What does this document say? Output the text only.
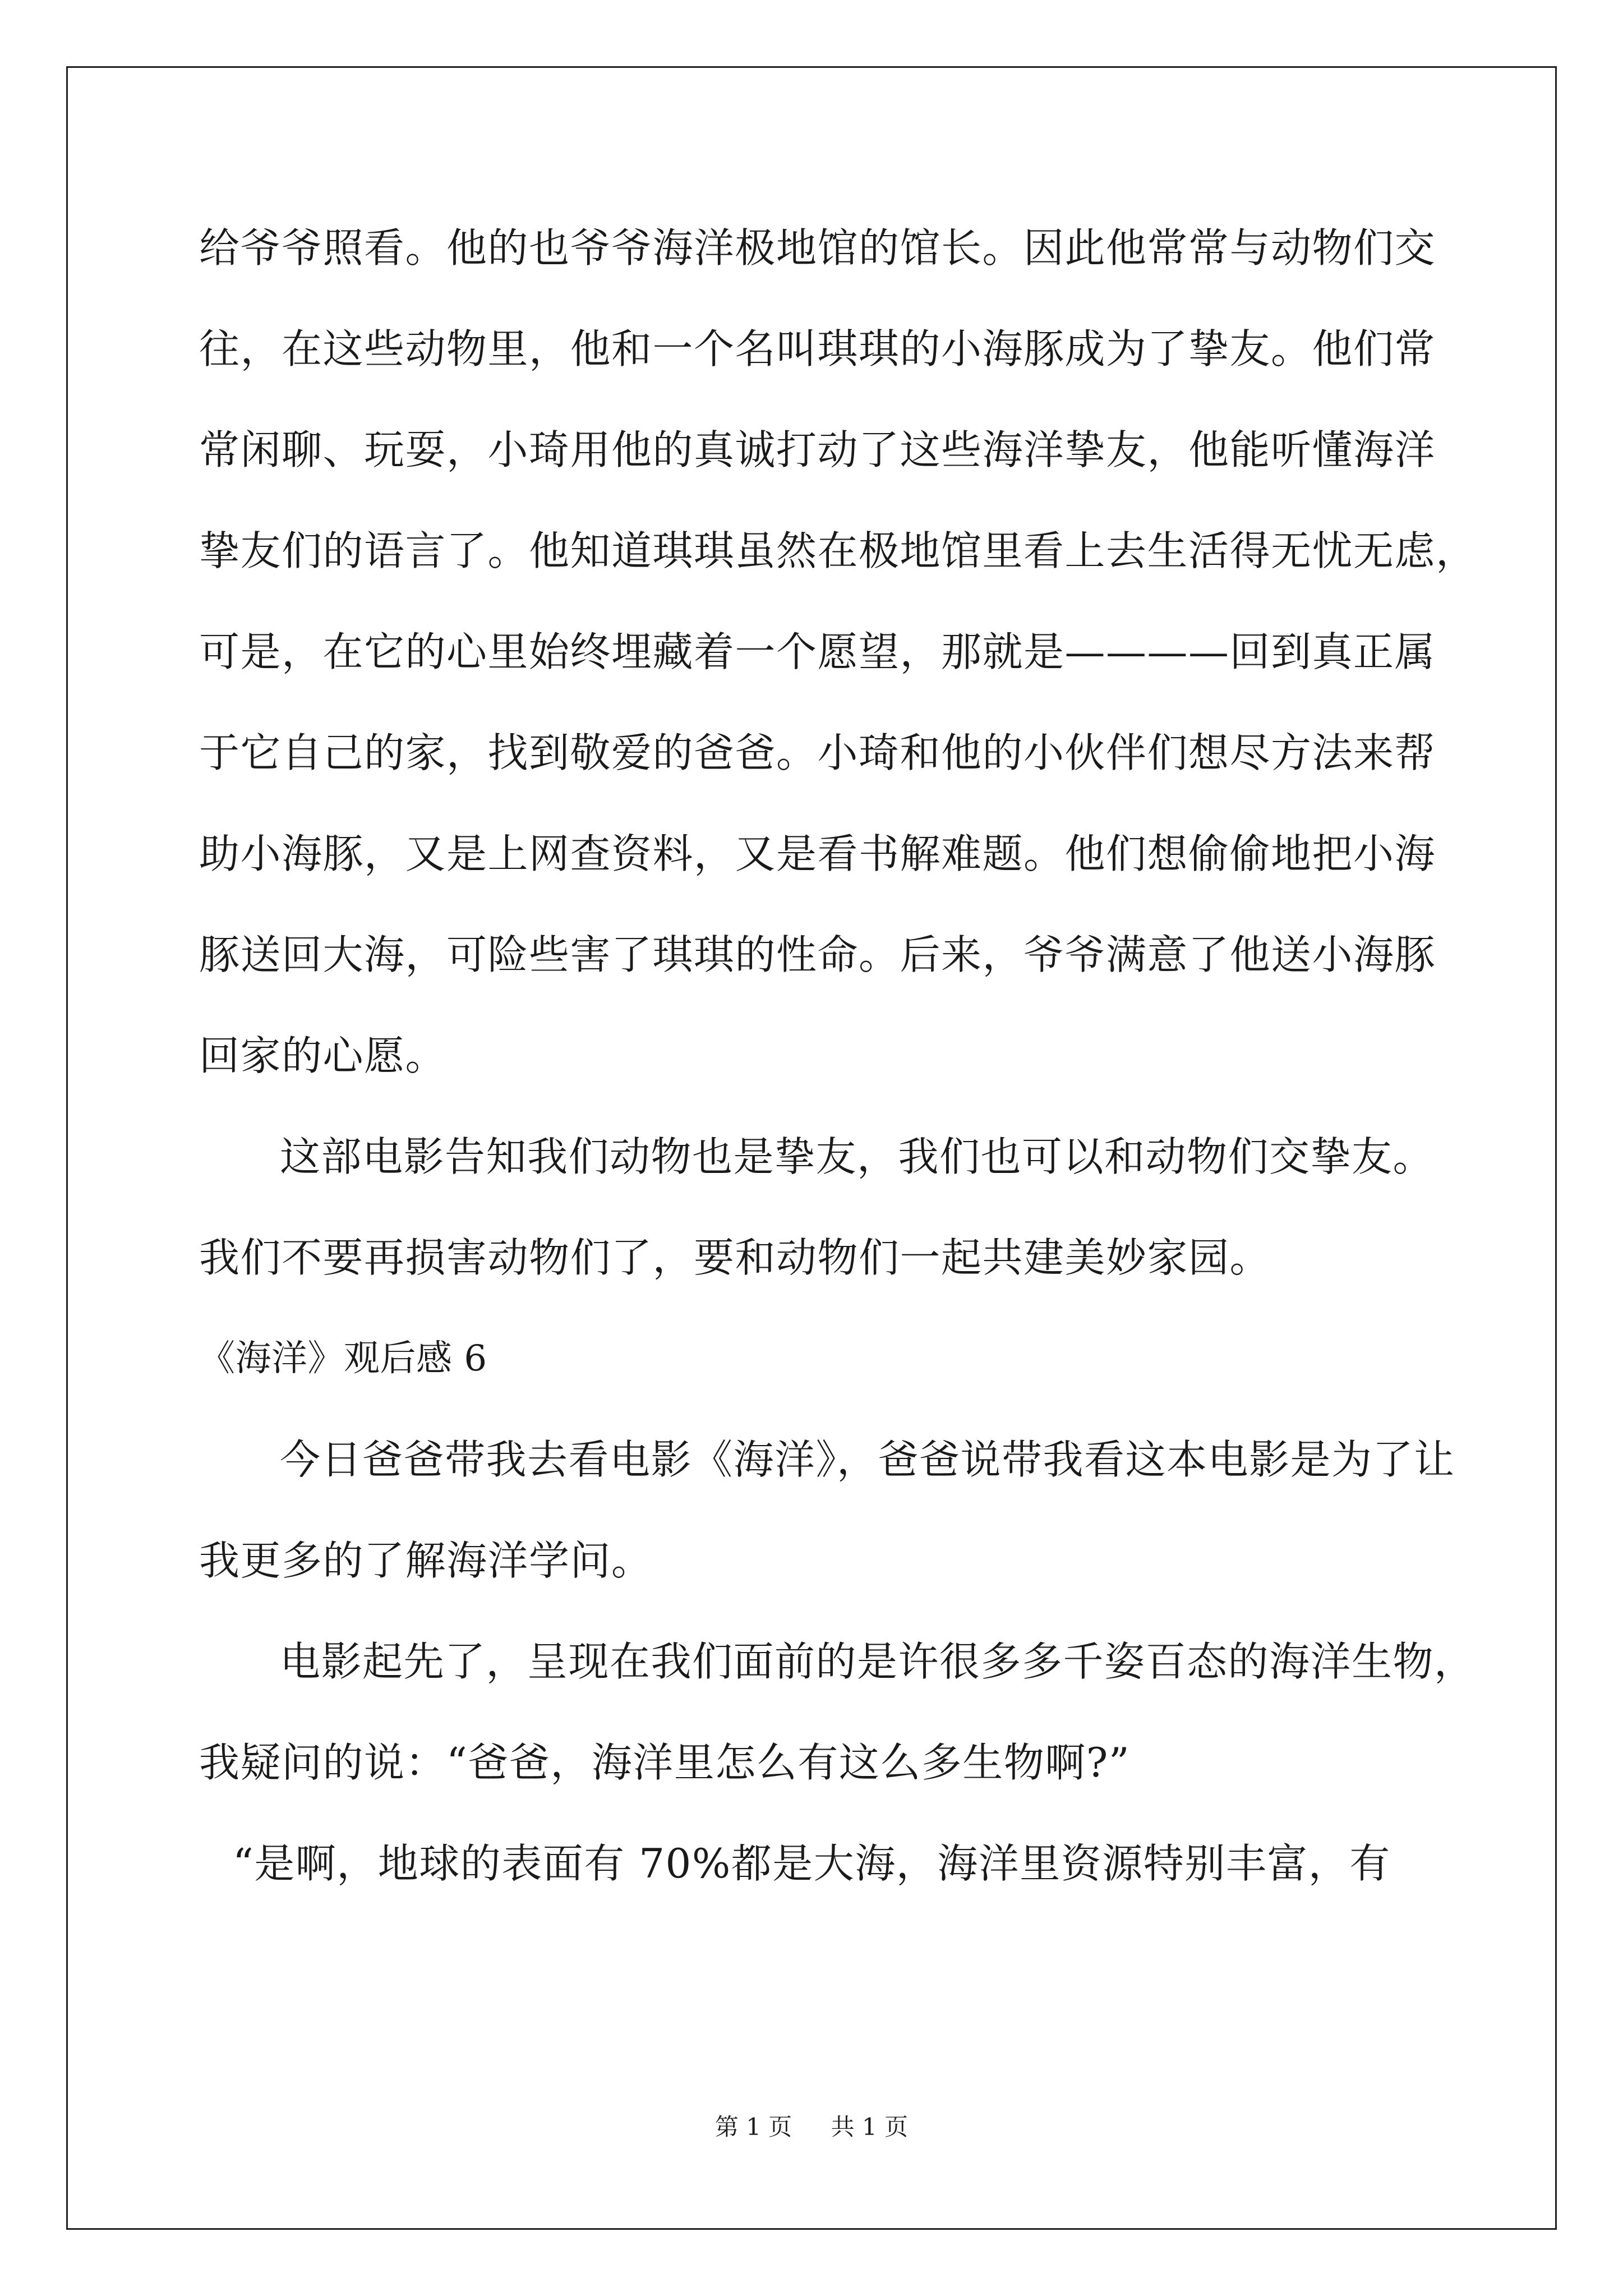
给爷爷照看。他的也爷爷海洋极地馆的馆长。因此他常常与动物们交
往，在这些动物里，他和一个名叫琪琪的小海豚成为了挚友。他们常
常闲聊、玩耍，小琦用他的真诚打动了这些海洋挚友，他能听懂海洋
挚友们的语言了。他知道琪琪虽然在极地馆里看上去生活得无忧无虑，
可是，在它的心里始终埋藏着一个愿望，那就是————回到真正属
于它自己的家，找到敬爱的爸爸。小琦和他的小伙伴们想尽方法来帮
助小海豚，又是上网查资料，又是看书解难题。他们想偷偷地把小海
豚送回大海，可险些害了琪琪的性命。后来，爷爷满意了他送小海豚
回家的心愿。
这部电影告知我们动物也是挚友，我们也可以和动物们交挚友。
我们不要再损害动物们了，要和动物们一起共建美妙家园。
《海洋》观后感 6
今日爸爸带我去看电影《海洋》，爸爸说带我看这本电影是为了让
我更多的了解海洋学问。
电影起先了，呈现在我们面前的是许很多多千姿百态的海洋生物，
我疑问的说：“爸爸，海洋里怎么有这么多生物啊?”
“是啊，地球的表面有 70%都是大海，海洋里资源特别丰富，有
第 1 页 共 1 页
